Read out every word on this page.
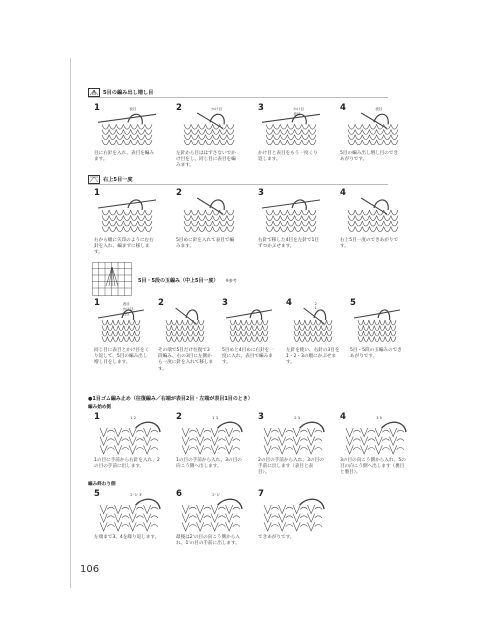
5目の編み出し増し目
1	表目
目に右針を入れ、表目を編みます。
2	かけ目
左針から目ははずさないでかけ目をし、同じ目に表目を編みます。
3	かけ目
表目
かけ目と表目をもう一度くり返します。
4	表目
5目の編み出し増し目のできあがりです。
右上5目一度
1
右から順に矢印のようにむ右針を入れ、編まずに移します。
2
5目めに針を入れて表目で編みます。
3
右針で移した4目を左針で1目ずつかぶせます。
4
右上5目一度のできあがりです。
5目・5段の玉編み（中上5目一度） ※参考
1	表目
かけ目
表目
同じ目に表目とかけ目をくり返して、5目の編み出し増し目をします。
2
その端で5目だけ往復で3段編み、右の3目に左側から一度に針を入れて移します。
3
5目めと4目めに右針を一度に入れ、表目で編みます。
4	2
1
左針を使い、右針の3目を1・2・3の順にかぶせます。
5
5目・5段の玉編みのできあがりです。
●1目ゴム編み止め（往復編み／右端が表目2目・左端が表目1目のとき）
編み始め側
編み終わり側
1	1 2
1の目に手前から右針を入れ、2の目の手前に出します。
2	1 3
1の目の手前から入れ、3の目の向こう側へ出します。
3	2 3
2の目の手前から入れ、3の目の手前に出します（表目と表目）。
4	3 5
3の目の向こう側から入れ、5の目の向こう側へ出します（裏目と裏目）。
5	2' 1' 3'
左端まで3、4を繰り返します。
6	2' 1'
最後は2'の目の向こう側から入れ、1'の目の手前に出します。
7
できあがりです。
106
